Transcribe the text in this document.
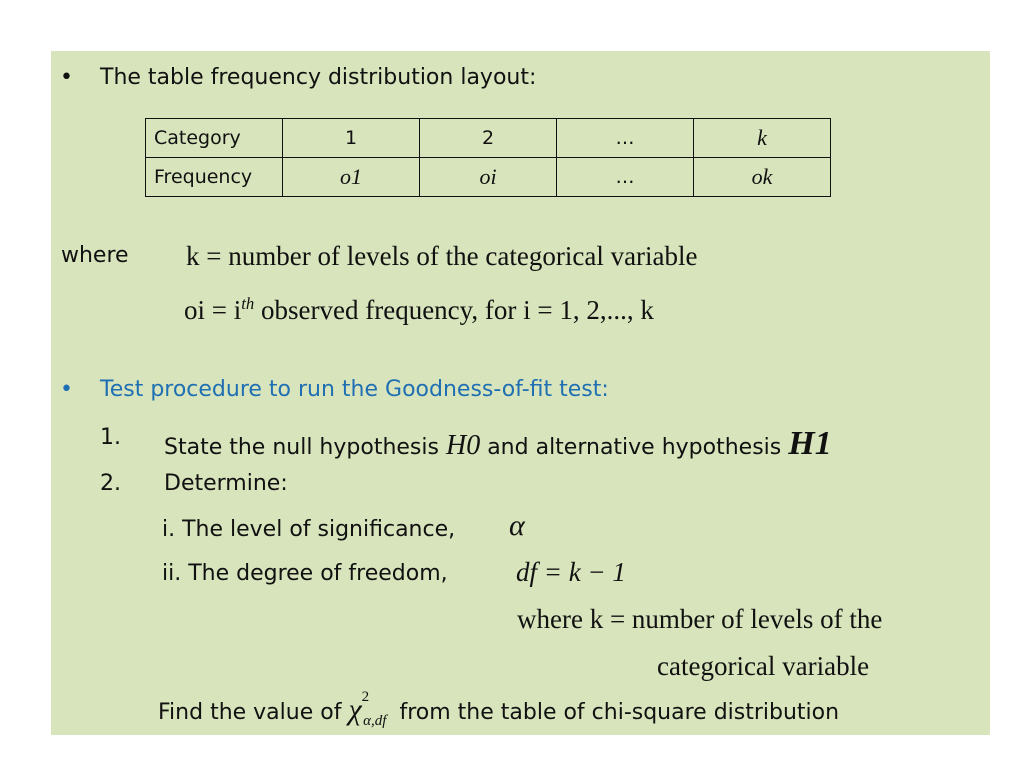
• The table frequency distribution layout:
Category	1	2	…	k
Frequency	o1	oi	…	ok
where k = number of levels of the categorical variable
oi = $i^{th}$ observed frequency, for i = 1, 2,..., k
• Test procedure to run the Goodness-of-fit test:
1. State the null hypothesis H0 and alternative hypothesis H1
2. Determine:
i. The level of significance, α
ii. The degree of freedom,	df = k − 1
where k = number of levels of the
categorical variable
Find the value of $\chi^2_{\alpha,df}$ from the table of chi-square distribution
